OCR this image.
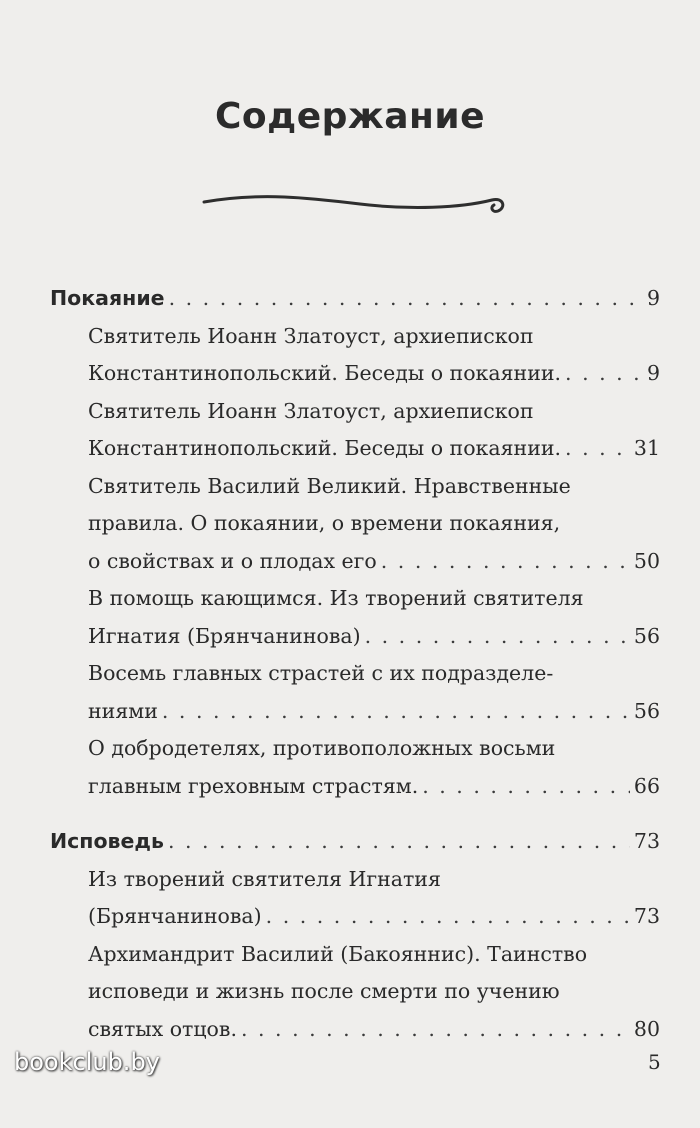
Содержание
Покаяние . . .	9
Святитель Иоанн Златоуст, архиепископ
Константинопольский. Беседы о покаянии. . . .	9
Святитель Иоанн Златоуст, архиепископ
Константинопольский. Беседы о покаянии. . . .	31
Святитель Василий Великий. Нравственные
правила. О покаянии, о времени покаяния,
о свойствах и о плодах его . . .	50
В помощь кающимся. Из творений святителя
Игнатия (Брянчанинова) . . .	56
Восемь главных страстей с их подразделе-
ниями . . .	56
О добродетелях, противоположных восьми
главным греховным страстям. . . .	66
Исповедь . . .	73
Из творений святителя Игнатия
(Брянчанинова) . . .	73
Архимандрит Василий (Бакояннис). Таинство
исповеди и жизнь после смерти по учению
святых отцов. . . .	80
bookclub.by	5
